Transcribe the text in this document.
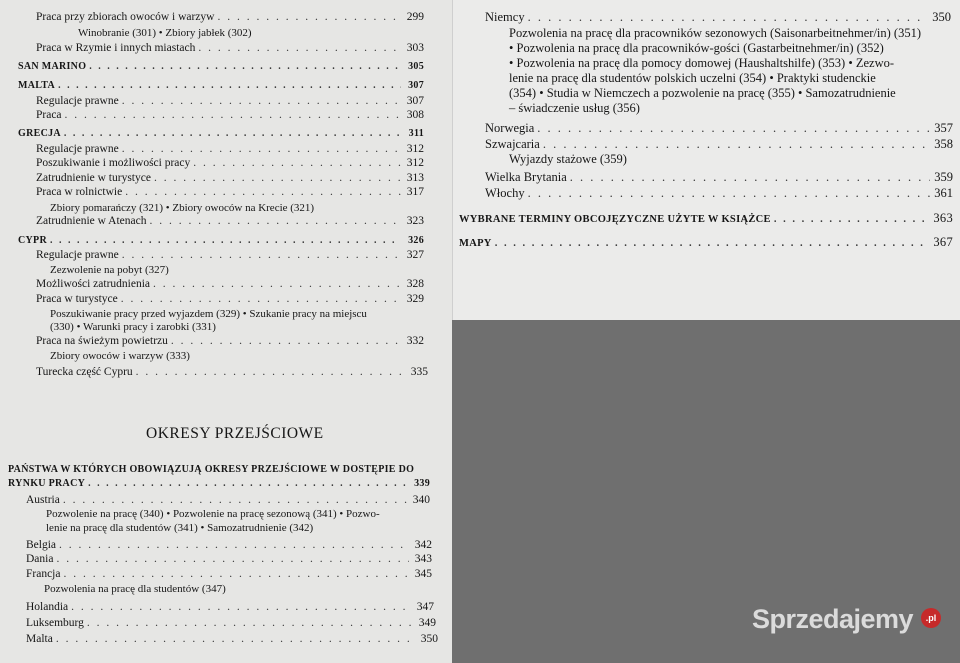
Praca przy zbiorach owoców i warzyw . . .	299
Winobranie (301) • Zbiory jabłek (302)
Praca w Rzymie i innych miastach . . .	303
SAN MARINO . . .	305
MALTA . . .	307
Regulacje prawne . . .	307
Praca . . .	308
GRECJA . . .	311
Regulacje prawne . . .	312
Poszukiwanie i możliwości pracy . . .	312
Zatrudnienie w turystyce . . .	313
Praca w rolnictwie . . .	317
Zbiory pomarańczy (321) • Zbiory owoców na Krecie (321)
Zatrudnienie w Atenach . . .	323
CYPR . . .	326
Regulacje prawne . . .	327
Zezwolenie na pobyt (327)
Możliwości zatrudnienia . . .	328
Praca w turystyce . . .	329
Poszukiwanie pracy przed wyjazdem (329) • Szukanie pracy na miejscu
(330) • Warunki pracy i zarobki (331)
Praca na świeżym powietrzu . . .	332
Zbiory owoców i warzyw (333)
Turecka część Cypru . . .	335
OKRESY PRZEJŚCIOWE
PAŃSTWA W KTÓRYCH OBOWIĄZUJĄ OKRESY PRZEJŚCIOWE W DOSTĘPIE DO
RYNKU PRACY . . .	339
Austria . . .	340
Pozwolenie na pracę (340) • Pozwolenie na pracę sezonową (341) • Pozwo-
lenie na pracę dla studentów (341) • Samozatrudnienie (342)
Belgia . . .	342
Dania . . .	343
Francja . . .	345
Pozwolenia na pracę dla studentów (347)
Holandia . . .	347
Luksemburg . . .	349
Malta . . .	350
Niemcy . . .	350
Pozwolenia na pracę dla pracowników sezonowych (Saisonarbeitnehmer/in) (351)
• Pozwolenia na pracę dla pracowników-gości (Gastarbeitnehmer/in) (352)
• Pozwolenia na pracę dla pomocy domowej (Haushaltshilfe) (353) • Zezwo-
lenie na pracę dla studentów polskich uczelni (354) • Praktyki studenckie
(354) • Studia w Niemczech a pozwolenie na pracę (355) • Samozatrudnienie
– świadczenie usług (356)
Norwegia . . .	357
Szwajcaria . . .	358
Wyjazdy stażowe (359)
Wielka Brytania . . .	359
Włochy . . .	361
WYBRANE TERMINY OBCOJĘZYCZNE UŻYTE W KSIĄŻCE . . .	363
MAPY . . .	367
Sprzedajemy	.pl
